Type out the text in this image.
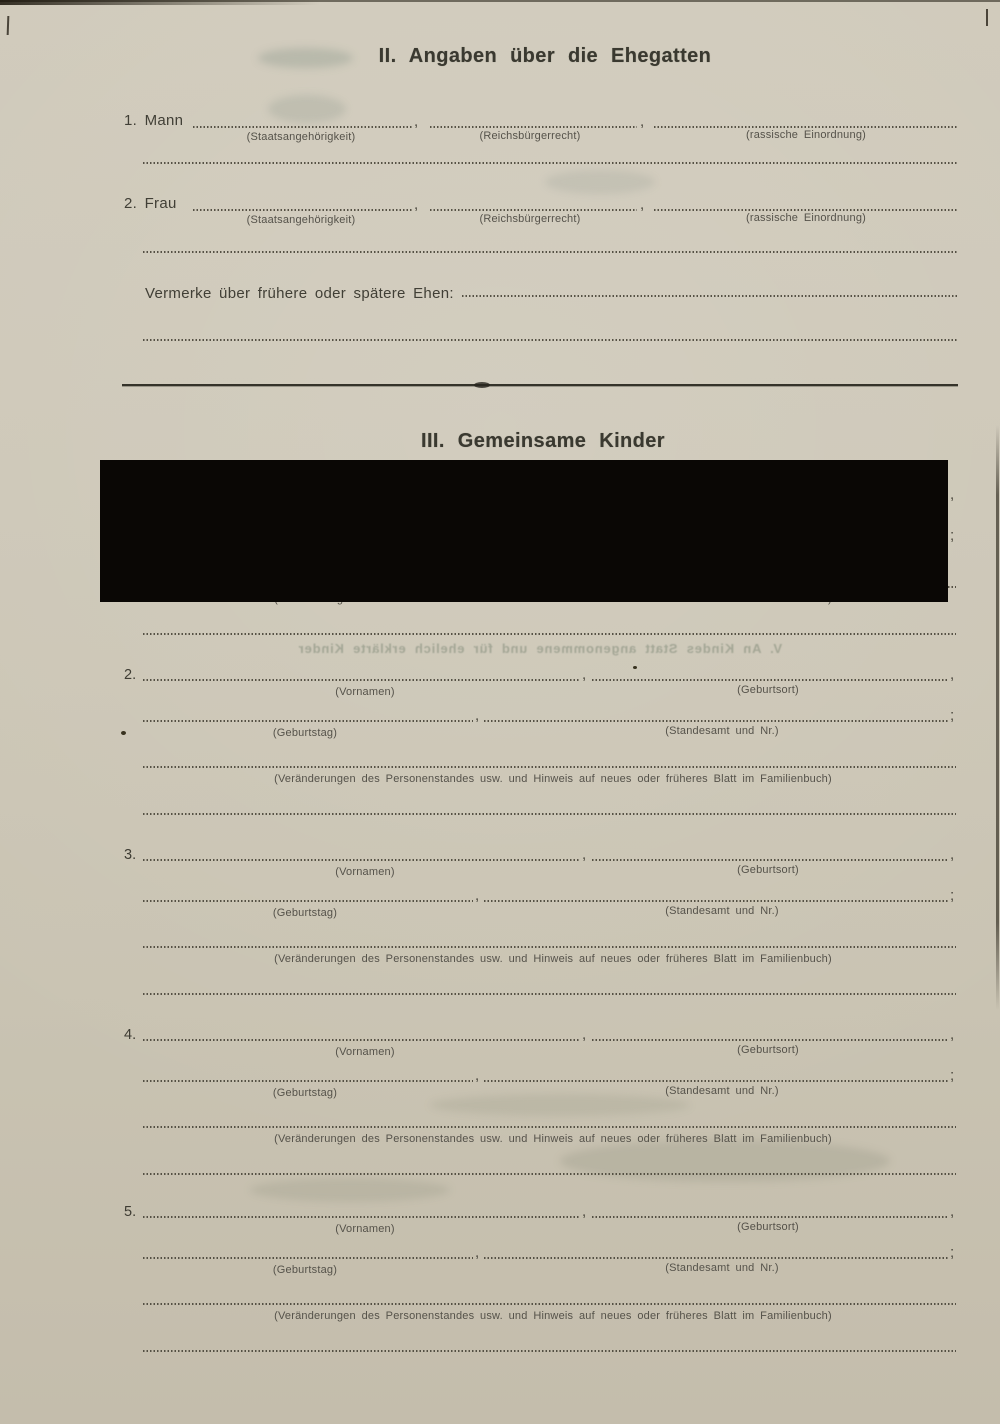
II. Angaben über die Ehegatten
1. Mann	,	,
(Staatsangehörigkeit)	(Reichsbürgerrecht)	(rassische Einordnung)
2. Frau	,	,
(Staatsangehörigkeit)	(Reichsbürgerrecht)	(rassische Einordnung)
Vermerke über frühere oder spätere Ehen:
III. Gemeinsame Kinder
V. An Kindes Statt angenommene und für ehelich erklärte Kinder
,
;
2.	,	,
(Vornamen)	(Geburtsort)
,	;
(Geburtstag)	(Standesamt und Nr.)
(Veränderungen des Personenstandes usw. und Hinweis auf neues oder früheres Blatt im Familienbuch)
3.	,	,
(Vornamen)	(Geburtsort)
,	;
(Geburtstag)	(Standesamt und Nr.)
(Veränderungen des Personenstandes usw. und Hinweis auf neues oder früheres Blatt im Familienbuch)
4.	,	,
(Vornamen)	(Geburtsort)
,	;
(Geburtstag)	(Standesamt und Nr.)
(Veränderungen des Personenstandes usw. und Hinweis auf neues oder früheres Blatt im Familienbuch)
5.	,	,
(Vornamen)	(Geburtsort)
,	;
(Geburtstag)	(Standesamt und Nr.)
(Veränderungen des Personenstandes usw. und Hinweis auf neues oder früheres Blatt im Familienbuch)
